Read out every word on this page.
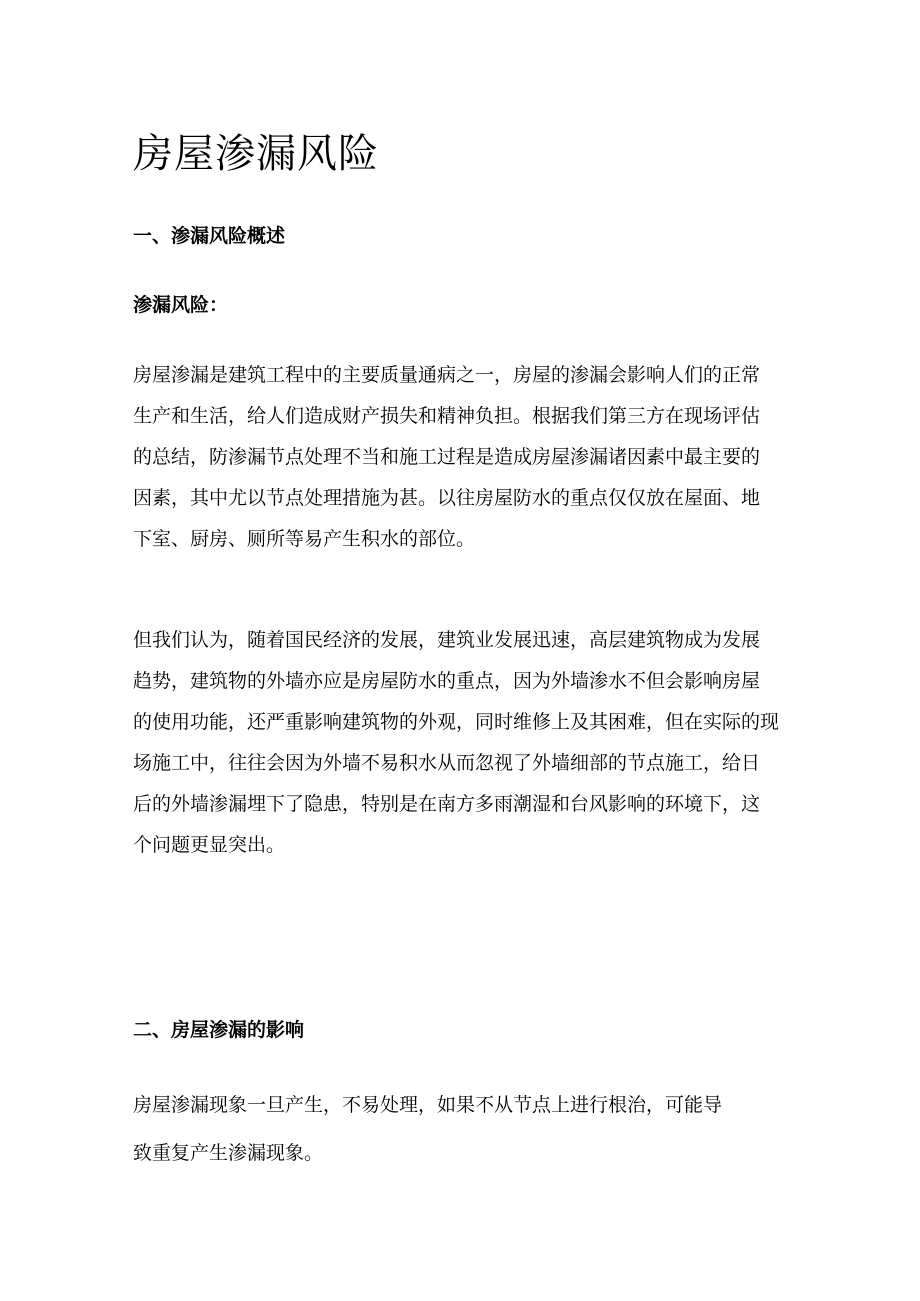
房屋渗漏风险
一、渗漏风险概述
渗漏风险：
房屋渗漏是建筑工程中的主要质量通病之一，房屋的渗漏会影响人们的正常
生产和生活，给人们造成财产损失和精神负担。根据我们第三方在现场评估
的总结，防渗漏节点处理不当和施工过程是造成房屋渗漏诸因素中最主要的
因素，其中尤以节点处理措施为甚。以往房屋防水的重点仅仅放在屋面、地
下室、厨房、厕所等易产生积水的部位。
但我们认为，随着国民经济的发展，建筑业发展迅速，高层建筑物成为发展
趋势，建筑物的外墙亦应是房屋防水的重点，因为外墙渗水不但会影响房屋
的使用功能，还严重影响建筑物的外观，同时维修上及其困难，但在实际的现
场施工中，往往会因为外墙不易积水从而忽视了外墙细部的节点施工，给日
后的外墙渗漏埋下了隐患，特别是在南方多雨潮湿和台风影响的环境下，这
个问题更显突出。
二、房屋渗漏的影响
房屋渗漏现象一旦产生，不易处理，如果不从节点上进行根治，可能导
致重复产生渗漏现象。
